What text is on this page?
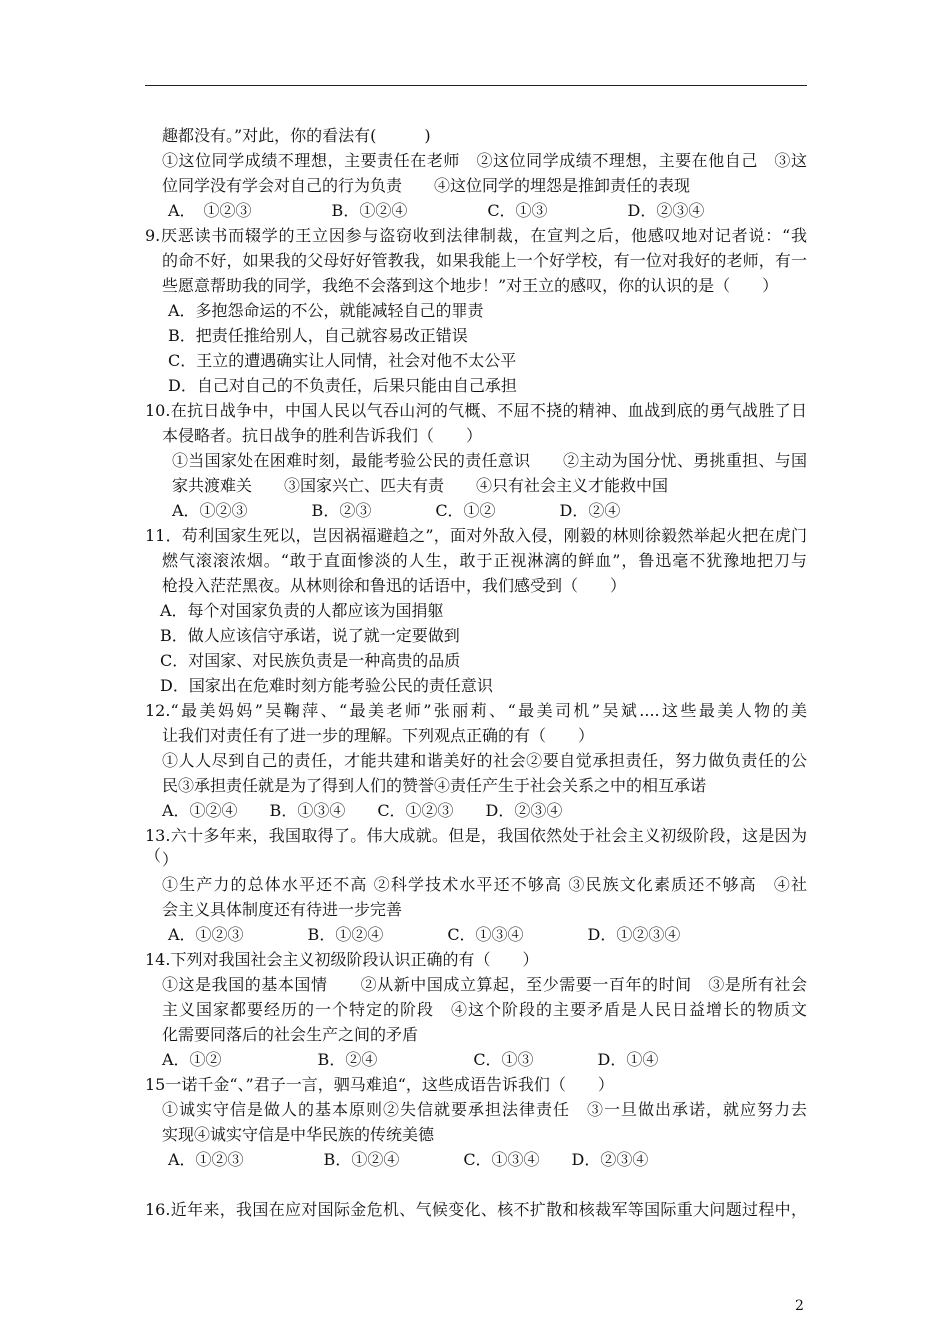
趣都没有。”对此，你的看法有(　　　)
①这位同学成绩不理想，主要责任在老师　②这位同学成绩不理想，主要在他自己　③这
位同学没有学会对自己的行为负责　　④这位同学的埋怨是推卸责任的表现
A．　①②③　　　　　B．①②④　　　　　C．①③　　　　　D．②③④
9.厌恶读书而辍学的王立因参与盗窃收到法律制裁，在宣判之后，他感叹地对记者说：“我
的命不好，如果我的父母好好管教我，如果我能上一个好学校，有一位对我好的老师，有一
些愿意帮助我的同学，我绝不会落到这个地步！”对王立的感叹，你的认识的是（　　）
A．多抱怨命运的不公，就能减轻自己的罪责
B．把责任推给别人，自己就容易改正错误
C．王立的遭遇确实让人同情，社会对他不太公平
D．自己对自己的不负责任，后果只能由自己承担
10.在抗日战争中，中国人民以气吞山河的气概、不屈不挠的精神、血战到底的勇气战胜了日
本侵略者。抗日战争的胜利告诉我们（　　）
①当国家处在困难时刻，最能考验公民的责任意识　　②主动为国分忧、勇挑重担、与国
家共渡难关　　③国家兴亡、匹夫有责　　④只有社会主义才能救中国
A．①②③　　　　B．②③　　　　C．①②　　　　D．②④
11．苟利国家生死以，岂因祸福避趋之”，面对外敌入侵，刚毅的林则徐毅然举起火把在虎门
燃气滚滚浓烟。“敢于直面惨淡的人生，敢于正视淋漓的鲜血”，鲁迅毫不犹豫地把刀与
枪投入茫茫黑夜。从林则徐和鲁迅的话语中，我们感受到（　　）
A．每个对国家负责的人都应该为国捐躯
B．做人应该信守承诺，说了就一定要做到
C．对国家、对民族负责是一种高贵的品质
D．国家出在危难时刻方能考验公民的责任意识
12.“最美妈妈”吴鞠萍、“最美老师”张丽莉、“最美司机”吴斌....这些最美人物的美
让我们对责任有了进一步的理解。下列观点正确的有（　　）
①人人尽到自己的责任，才能共建和谐美好的社会②要自觉承担责任，努力做负责任的公
民③承担责任就是为了得到人们的赞誉④责任产生于社会关系之中的相互承诺
A．①②④　　B．①③④　　C．①②③　　D．②③④
13.六十多年来，我国取得了。伟大成就。但是，我国依然处于社会主义初级阶段，这是因为（ ）
①生产力的总体水平还不高 ②科学技术水平还不够高 ③民族文化素质还不够高　④社
会主义具体制度还有待进一步完善
A．①②③　　　　B．①②④　　　　C．①③④　　　　D．①②③④
14.下列对我国社会主义初级阶段认识正确的有（　　）
①这是我国的基本国情　　②从新中国成立算起，至少需要一百年的时间　③是所有社会
主义国家都要经历的一个特定的阶段　④这个阶段的主要矛盾是人民日益增长的物质文
化需要同落后的社会生产之间的矛盾
A．①②　　　　　　B．②④　　　　　　C．①③　　　　D．①④
15一诺千金“、”君子一言，驷马难追“，这些成语告诉我们（　　）
①诚实守信是做人的基本原则②失信就要承担法律责任　③一旦做出承诺，就应努力去
实现④诚实守信是中华民族的传统美德
A．①②③　　　　　B．①②④　　　　C．①③④　　D．②③④
16.近年来，我国在应对国际金危机、气候变化、核不扩散和核裁军等国际重大问题过程中，
2
